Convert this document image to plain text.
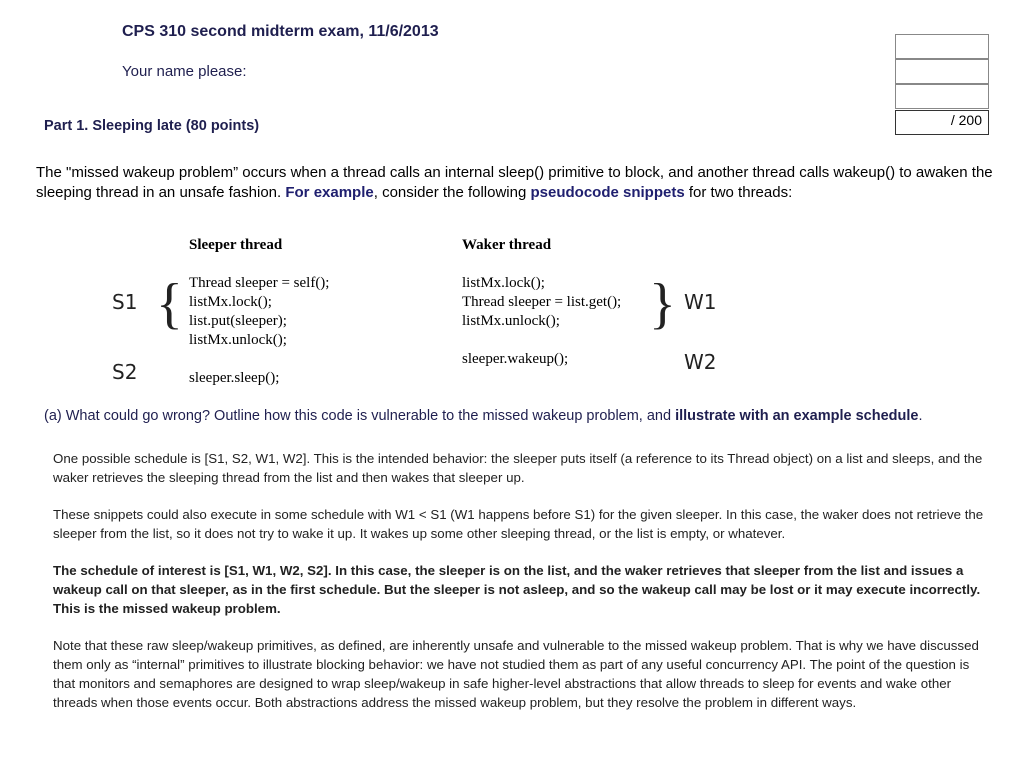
CPS 310 second midterm exam, 11/6/2013
Your name please:
/ 200
Part 1. Sleeping late (80 points)

The "missed wakeup problem” occurs when a thread calls an internal sleep() primitive to block, and another thread calls wakeup() to awaken the sleeping thread in an unsafe fashion. For example, consider the following pseudocode snippets for two threads:

Sleeper thread
Thread sleeper = self();
listMx.lock();
list.put(sleeper);
listMx.unlock();
sleeper.sleep();
Waker thread
listMx.lock();
Thread sleeper = list.get();
listMx.unlock();
sleeper.wakeup();
S1
S2
W1
W2
{	}
(a) What could go wrong? Outline how this code is vulnerable to the missed wakeup problem, and illustrate with an example schedule.

One possible schedule is [S1, S2, W1, W2]. This is the intended behavior: the sleeper puts itself (a reference to its Thread object) on a list and sleeps, and the waker retrieves the sleeping thread from the list and then wakes that sleeper up.

These snippets could also execute in some schedule with W1 < S1 (W1 happens before S1) for the given sleeper. In this case, the waker does not retrieve the sleeper from the list, so it does not try to wake it up. It wakes up some other sleeping thread, or the list is empty, or whatever.

The schedule of interest is [S1, W1, W2, S2]. In this case, the sleeper is on the list, and the waker retrieves that sleeper from the list and issues a wakeup call on that sleeper, as in the first schedule. But the sleeper is not asleep, and so the wakeup call may be lost or it may execute incorrectly. This is the missed wakeup problem.

Note that these raw sleep/wakeup primitives, as defined, are inherently unsafe and vulnerable to the missed wakeup problem. That is why we have discussed them only as “internal” primitives to illustrate blocking behavior: we have not studied them as part of any useful concurrency API. The point of the question is that monitors and semaphores are designed to wrap sleep/wakeup in safe higher-level abstractions that allow threads to sleep for events and wake other threads when those events occur. Both abstractions address the missed wakeup problem, but they resolve the problem in different ways.
